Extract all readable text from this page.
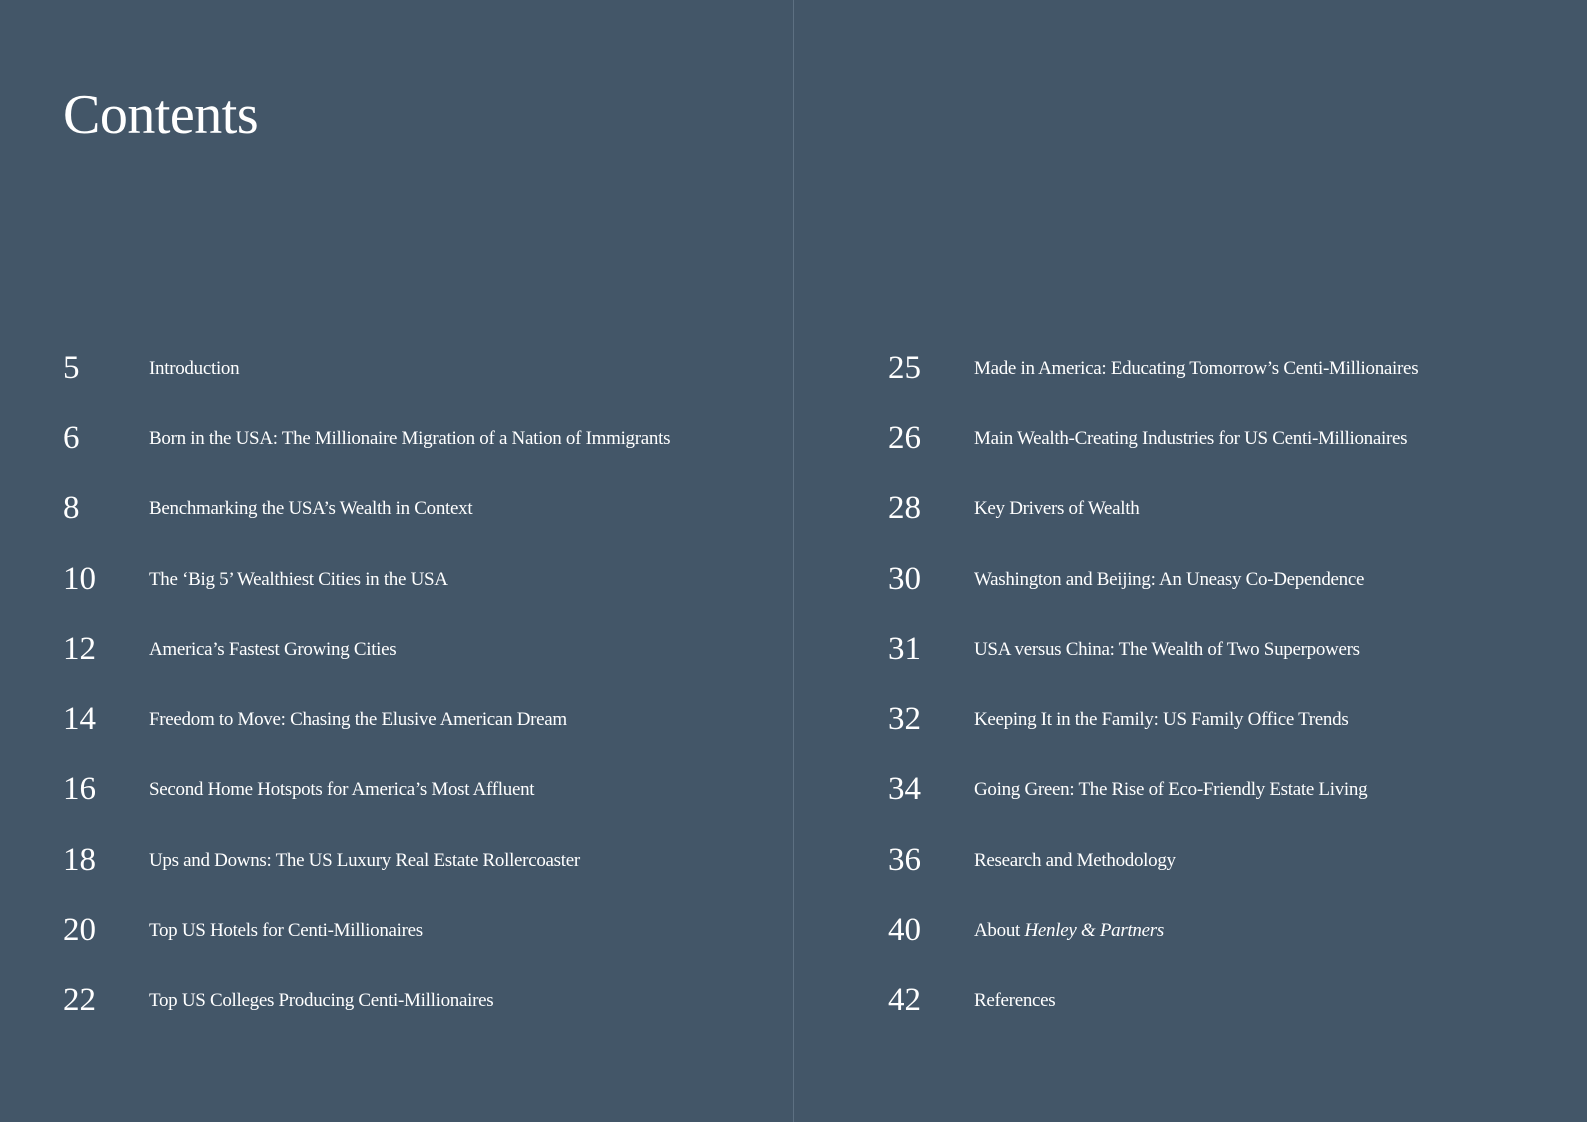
Contents
5	Introduction
6	Born in the USA: The Millionaire Migration of a Nation of Immigrants
8	Benchmarking the USA’s Wealth in Context
10	The ‘Big 5’ Wealthiest Cities in the USA
12	America’s Fastest Growing Cities
14	Freedom to Move: Chasing the Elusive American Dream
16	Second Home Hotspots for America’s Most Affluent
18	Ups and Downs: The US Luxury Real Estate Rollercoaster
20	Top US Hotels for Centi-Millionaires
22	Top US Colleges Producing Centi-Millionaires
25	Made in America: Educating Tomorrow’s Centi-Millionaires
26	Main Wealth-Creating Industries for US Centi-Millionaires
28	Key Drivers of Wealth
30	Washington and Beijing: An Uneasy Co-Dependence
31	USA versus China: The Wealth of Two Superpowers
32	Keeping It in the Family: US Family Office Trends
34	Going Green: The Rise of Eco-Friendly Estate Living
36	Research and Methodology
40	About Henley & Partners
42	References
